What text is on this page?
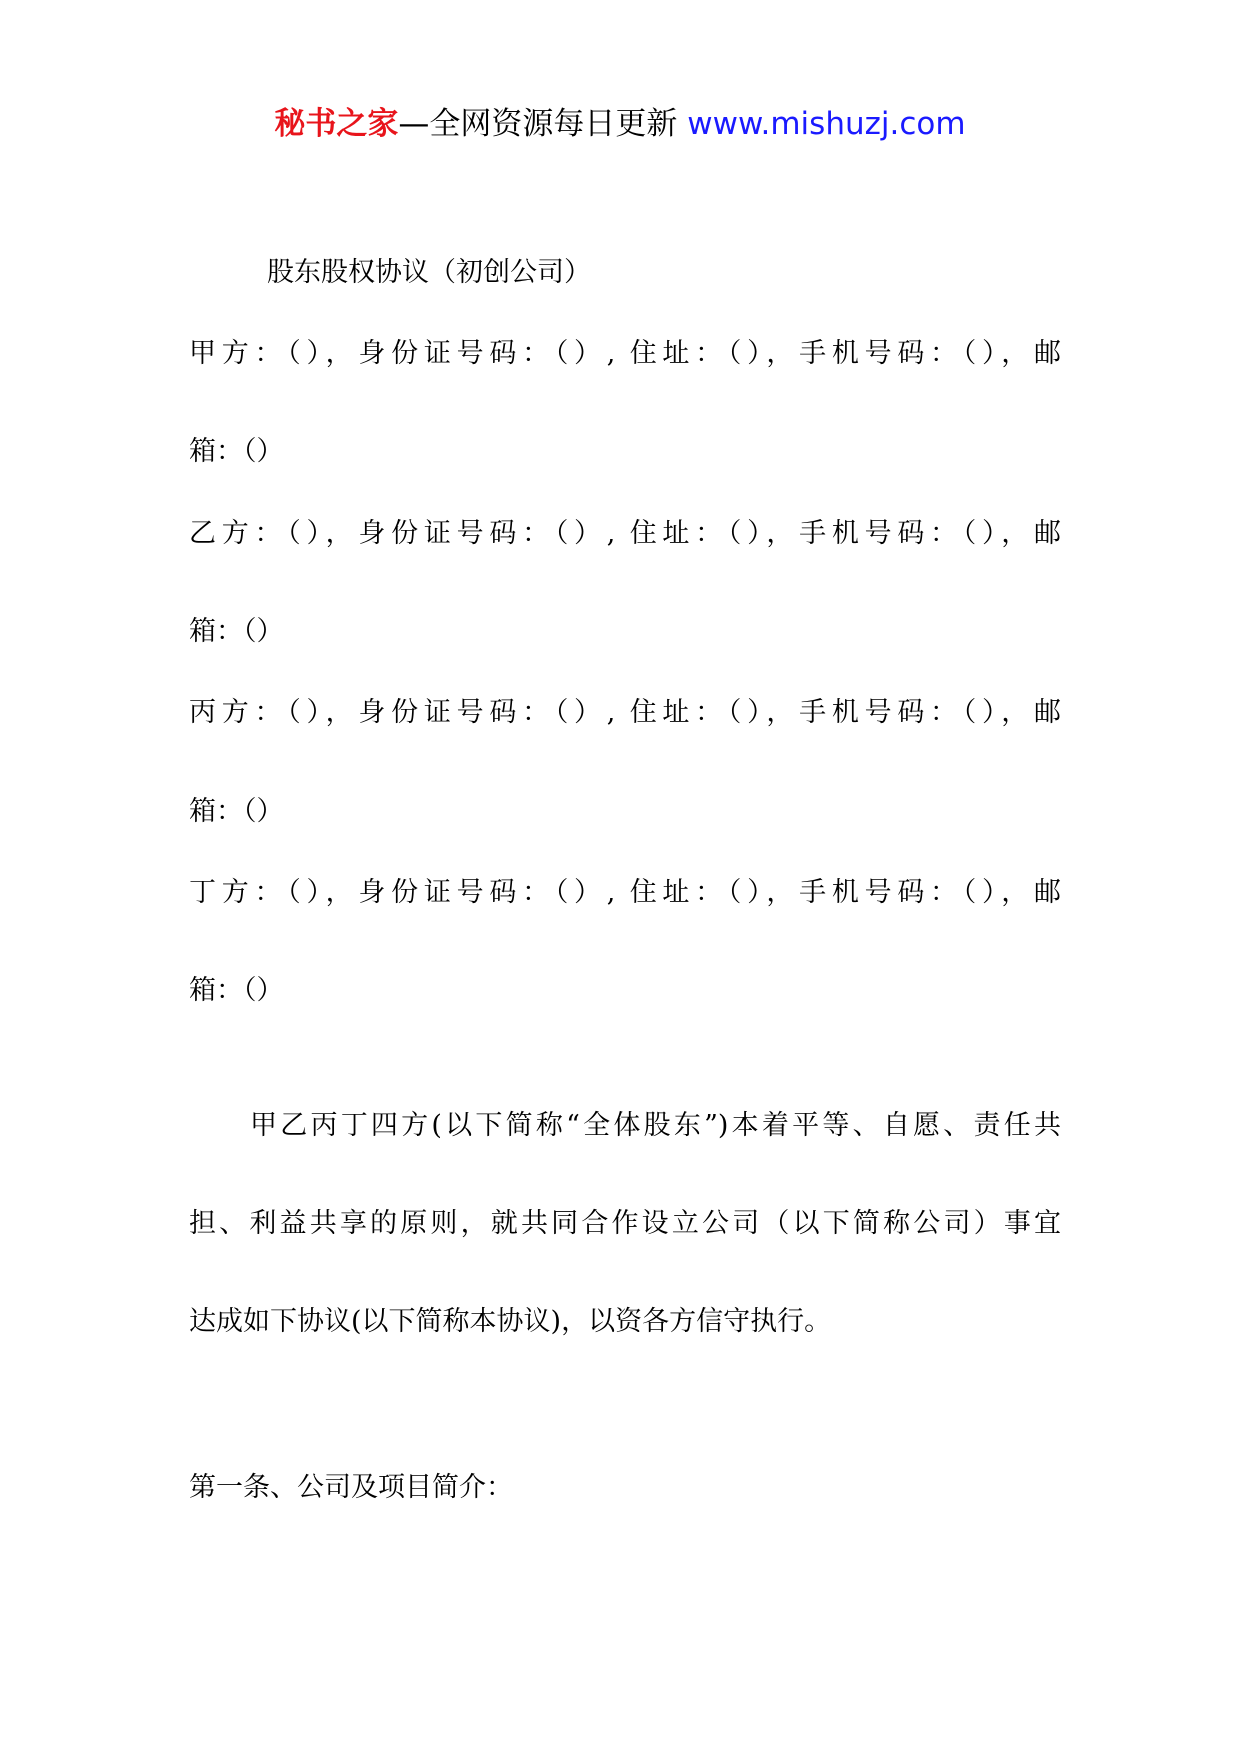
秘书之家—全网资源每日更新 www.mishuzj.com
股东股权协议（初创公司）
甲方：（），身份证号码：（）, 住址：（），手机号码：（），邮
箱：（）
乙方：（），身份证号码：（）, 住址：（），手机号码：（），邮
箱：（）
丙方：（），身份证号码：（）, 住址：（），手机号码：（），邮
箱：（）
丁方：（），身份证号码：（）, 住址：（），手机号码：（），邮
箱：（）
甲乙丙丁四方(以下简称“全体股东”)本着平等、自愿、责任共
担、利益共享的原则，就共同合作设立公司（以下简称公司）事宜
达成如下协议(以下简称本协议)，以资各方信守执行。
第一条、公司及项目简介：
